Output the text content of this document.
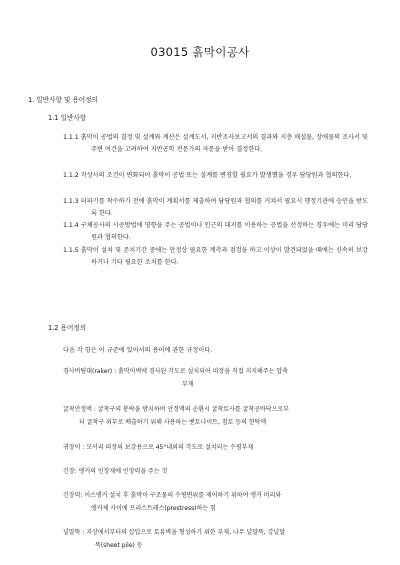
03015 흙막이공사
1. 일반사항 및 용어정의
1.1 일반사항
1.1.1 흙막이 공법의 결정 및 설계와 계산은 설계도서, 지반조사보고서의 결과와 지층 매설물, 장애물의 조사서 및 주변 여건을 고려하여 지반공학 전문가의 자문을 받아 결정한다.
1.1.2 작상사의 조건이 변화되어 흙막이 공법 또는 설계를 변경할 필요가 발생했을 경우 담당원과 협의한다.
1.1.3 터파기를 착수하기 전에 흙막이 계획서를 제출하여 담당원과 협의를 거쳐서 필요시 행정기관에 승인을 받도록 한다.
1.1.4 구체공사의 시공방법에 영향을 주는 공법이나 인근의 대지를 이용하는 공법을 선정하는 경우에는 미리 담당원과 협의한다.
1.1.5 흙막이 설치 및 존치기간 중에는 안정상 필요한 계측과 점검을 하고 이상이 발견되었을 때에는 신속히 보강하거나 기타 필요한 조치를 한다.
1.2 용어정의
다음 각 항은 이 규준에 있어서의 용어에 관한 규정이다.
경사버팀대(raker) : 흙막이벽에 경사된 각도로 설치되어 띠장을 직접 지지해주는 압축
부재
굴착안정액 : 굴착구의 붕락을 방지하며 안정액의 순환시 굴착토사를 굴착공바닥으로부
터 굴착구 외부로 배출하기 위해 사용하는 벤토나이트, 점토 등의 현탁액
귀장이 : 모서리 띠장의 보강용으로 45°내외의 각도로 설치되는 수평부재
긴장: 앵커의 인장재에 인장력을 주는 것
긴장력: 어스앵커 설치 후 흙막이 구조물의 수평변위를 제어하기 위하여 앵커 머리와
앵커체 사이에 프리스트레스(prestress)하는 힘
널말뚝 : 지상에서부터의 삽입으로 토류벽을 형성하기 위한 부재, 나무 널말뚝, 강널말
뚝(sheet pile) 등
